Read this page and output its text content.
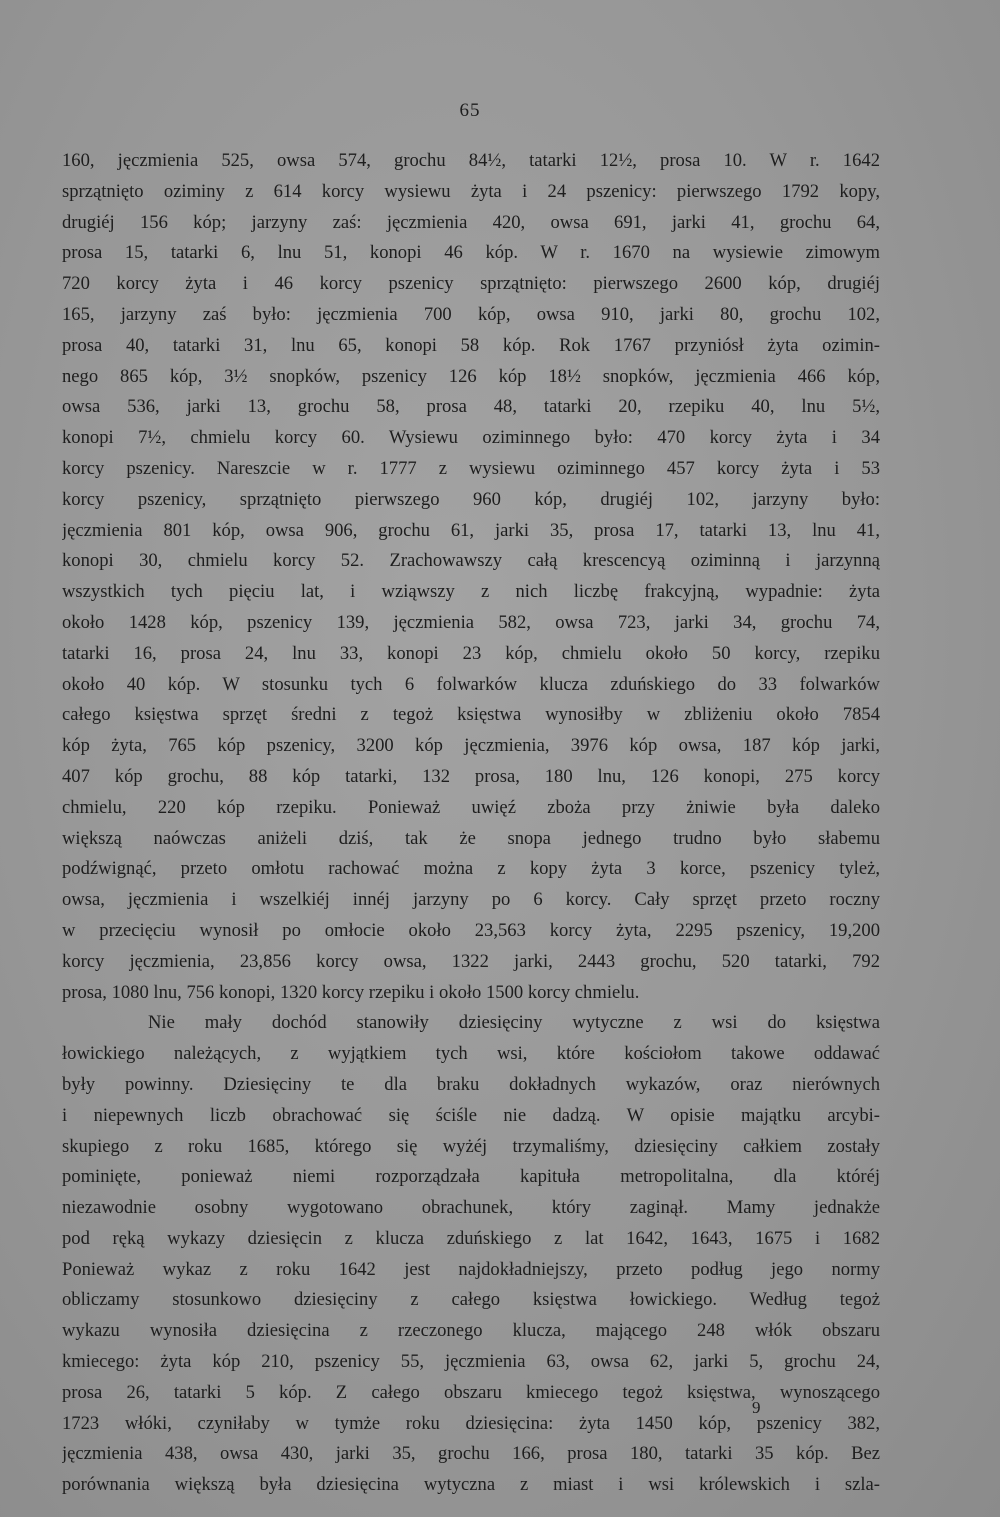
65
160, jęczmienia 525, owsa 574, grochu 84½, tatarki 12½, prosa 10. W r. 1642
sprzątnięto oziminy z 614 korcy wysiewu żyta i 24 pszenicy: pierwszego 1792 kopy,
drugiéj 156 kóp; jarzyny zaś: jęczmienia 420, owsa 691, jarki 41, grochu 64,
prosa 15, tatarki 6, lnu 51, konopi 46 kóp. W r. 1670 na wysiewie zimowym
720 korcy żyta i 46 korcy pszenicy sprzątnięto: pierwszego 2600 kóp, drugiéj
165, jarzyny zaś było: jęczmienia 700 kóp, owsa 910, jarki 80, grochu 102,
prosa 40, tatarki 31, lnu 65, konopi 58 kóp. Rok 1767 przyniósł żyta ozimin-
nego 865 kóp, 3½ snopków, pszenicy 126 kóp 18½ snopków, jęczmienia 466 kóp,
owsa 536, jarki 13, grochu 58, prosa 48, tatarki 20, rzepiku 40, lnu 5½,
konopi 7½, chmielu korcy 60. Wysiewu oziminnego było: 470 korcy żyta i 34
korcy pszenicy. Nareszcie w r. 1777 z wysiewu oziminnego 457 korcy żyta i 53
korcy pszenicy, sprzątnięto pierwszego 960 kóp, drugiéj 102, jarzyny było:
jęczmienia 801 kóp, owsa 906, grochu 61, jarki 35, prosa 17, tatarki 13, lnu 41,
konopi 30, chmielu korcy 52. Zrachowawszy całą krescencyą oziminną i jarzynną
wszystkich tych pięciu lat, i wziąwszy z nich liczbę frakcyjną, wypadnie: żyta
około 1428 kóp, pszenicy 139, jęczmienia 582, owsa 723, jarki 34, grochu 74,
tatarki 16, prosa 24, lnu 33, konopi 23 kóp, chmielu około 50 korcy, rzepiku
około 40 kóp. W stosunku tych 6 folwarków klucza zduńskiego do 33 folwarków
całego księstwa sprzęt średni z tegoż księstwa wynosiłby w zbliżeniu około 7854
kóp żyta, 765 kóp pszenicy, 3200 kóp jęczmienia, 3976 kóp owsa, 187 kóp jarki,
407 kóp grochu, 88 kóp tatarki, 132 prosa, 180 lnu, 126 konopi, 275 korcy
chmielu, 220 kóp rzepiku. Ponieważ uwięź zboża przy żniwie była daleko
większą naówczas aniżeli dziś, tak że snopa jednego trudno było słabemu
podźwignąć, przeto omłotu rachować można z kopy żyta 3 korce, pszenicy tyleż,
owsa, jęczmienia i wszelkiéj innéj jarzyny po 6 korcy. Cały sprzęt przeto roczny
w przecięciu wynosił po omłocie około 23,563 korcy żyta, 2295 pszenicy, 19,200
korcy jęczmienia, 23,856 korcy owsa, 1322 jarki, 2443 grochu, 520 tatarki, 792
prosa, 1080 lnu, 756 konopi, 1320 korcy rzepiku i około 1500 korcy chmielu.
Nie mały dochód stanowiły dziesięciny wytyczne z wsi do księstwa
łowickiego należących, z wyjątkiem tych wsi, które kościołom takowe oddawać
były powinny. Dziesięciny te dla braku dokładnych wykazów, oraz nierównych
i niepewnych liczb obrachować się ściśle nie dadzą. W opisie majątku arcybi-
skupiego z roku 1685, którego się wyżéj trzymaliśmy, dziesięciny całkiem zostały
pominięte, ponieważ niemi rozporządzała kapituła metropolitalna, dla któréj
niezawodnie osobny wygotowano obrachunek, który zaginął. Mamy jednakże
pod ręką wykazy dziesięcin z klucza zduńskiego z lat 1642, 1643, 1675 i 1682
Ponieważ wykaz z roku 1642 jest najdokładniejszy, przeto podług jego normy
obliczamy stosunkowo dziesięciny z całego księstwa łowickiego. Według tegoż
wykazu wynosiła dziesięcina z rzeczonego klucza, mającego 248 włók obszaru
kmiecego: żyta kóp 210, pszenicy 55, jęczmienia 63, owsa 62, jarki 5, grochu 24,
prosa 26, tatarki 5 kóp. Z całego obszaru kmiecego tegoż księstwa, wynoszącego
1723 włóki, czyniłaby w tymże roku dziesięcina: żyta 1450 kóp, pszenicy 382,
jęczmienia 438, owsa 430, jarki 35, grochu 166, prosa 180, tatarki 35 kóp. Bez
porównania większą była dziesięcina wytyczna z miast i wsi królewskich i szla-
9
